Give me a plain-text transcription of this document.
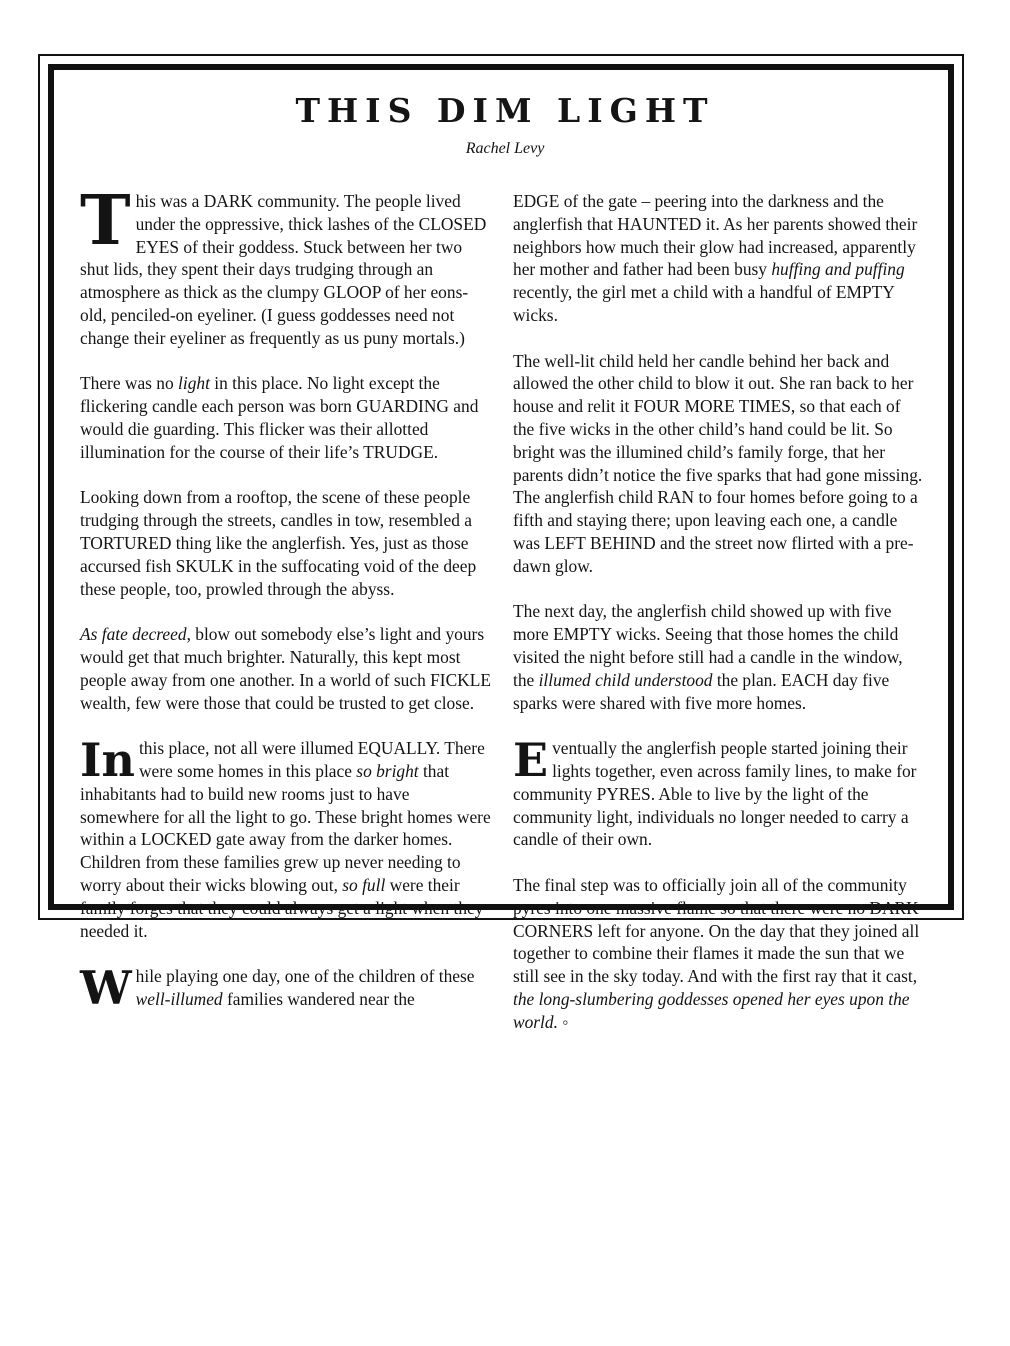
THIS DIM LIGHT

Rachel Levy

This was a DARK community. The people lived under the oppressive, thick lashes of the CLOSED EYES of their goddess. Stuck between her two shut lids, they spent their days trudging through an atmosphere as thick as the clumpy GLOOP of her eons-old, penciled-on eyeliner. (I guess goddesses need not change their eyeliner as frequently as us puny mortals.)

There was no light in this place. No light except the flickering candle each person was born GUARDING and would die guarding. This flicker was their allotted illumination for the course of their life’s TRUDGE.

Looking down from a rooftop, the scene of these people trudging through the streets, candles in tow, resembled a TORTURED thing like the anglerfish. Yes, just as those accursed fish SKULK in the suffocating void of the deep these people, too, prowled through the abyss.

As fate decreed, blow out somebody else’s light and yours would get that much brighter. Naturally, this kept most people away from one another. In a world of such FICKLE wealth, few were those that could be trusted to get close.

In this place, not all were illumed EQUALLY. There were some homes in this place so bright that inhabitants had to build new rooms just to have somewhere for all the light to go. These bright homes were within a LOCKED gate away from the darker homes. Children from these families grew up never needing to worry about their wicks blowing out, so full were their family forges that they could always get a light when they needed it.

While playing one day, one of the children of these well-illumed families wandered near the

EDGE of the gate – peering into the darkness and the anglerfish that HAUNTED it. As her parents showed their neighbors how much their glow had increased, apparently her mother and father had been busy huffing and puffing recently, the girl met a child with a handful of EMPTY wicks.

The well-lit child held her candle behind her back and allowed the other child to blow it out. She ran back to her house and relit it FOUR MORE TIMES, so that each of the five wicks in the other child’s hand could be lit. So bright was the illumined child’s family forge, that her parents didn’t notice the five sparks that had gone missing. The anglerfish child RAN to four homes before going to a fifth and staying there; upon leaving each one, a candle was LEFT BEHIND and the street now flirted with a pre-dawn glow.

The next day, the anglerfish child showed up with five more EMPTY wicks. Seeing that those homes the child visited the night before still had a candle in the window, the illumed child understood the plan. EACH day five sparks were shared with five more homes.

Eventually the anglerfish people started joining their lights together, even across family lines, to make for community PYRES. Able to live by the light of the community light, individuals no longer needed to carry a candle of their own.

The final step was to officially join all of the community pyres into one massive flame so that there were no DARK CORNERS left for anyone. On the day that they joined all together to combine their flames it made the sun that we still see in the sky today. And with the first ray that it cast, the long-slumbering goddesses opened her eyes upon the world. ◦
